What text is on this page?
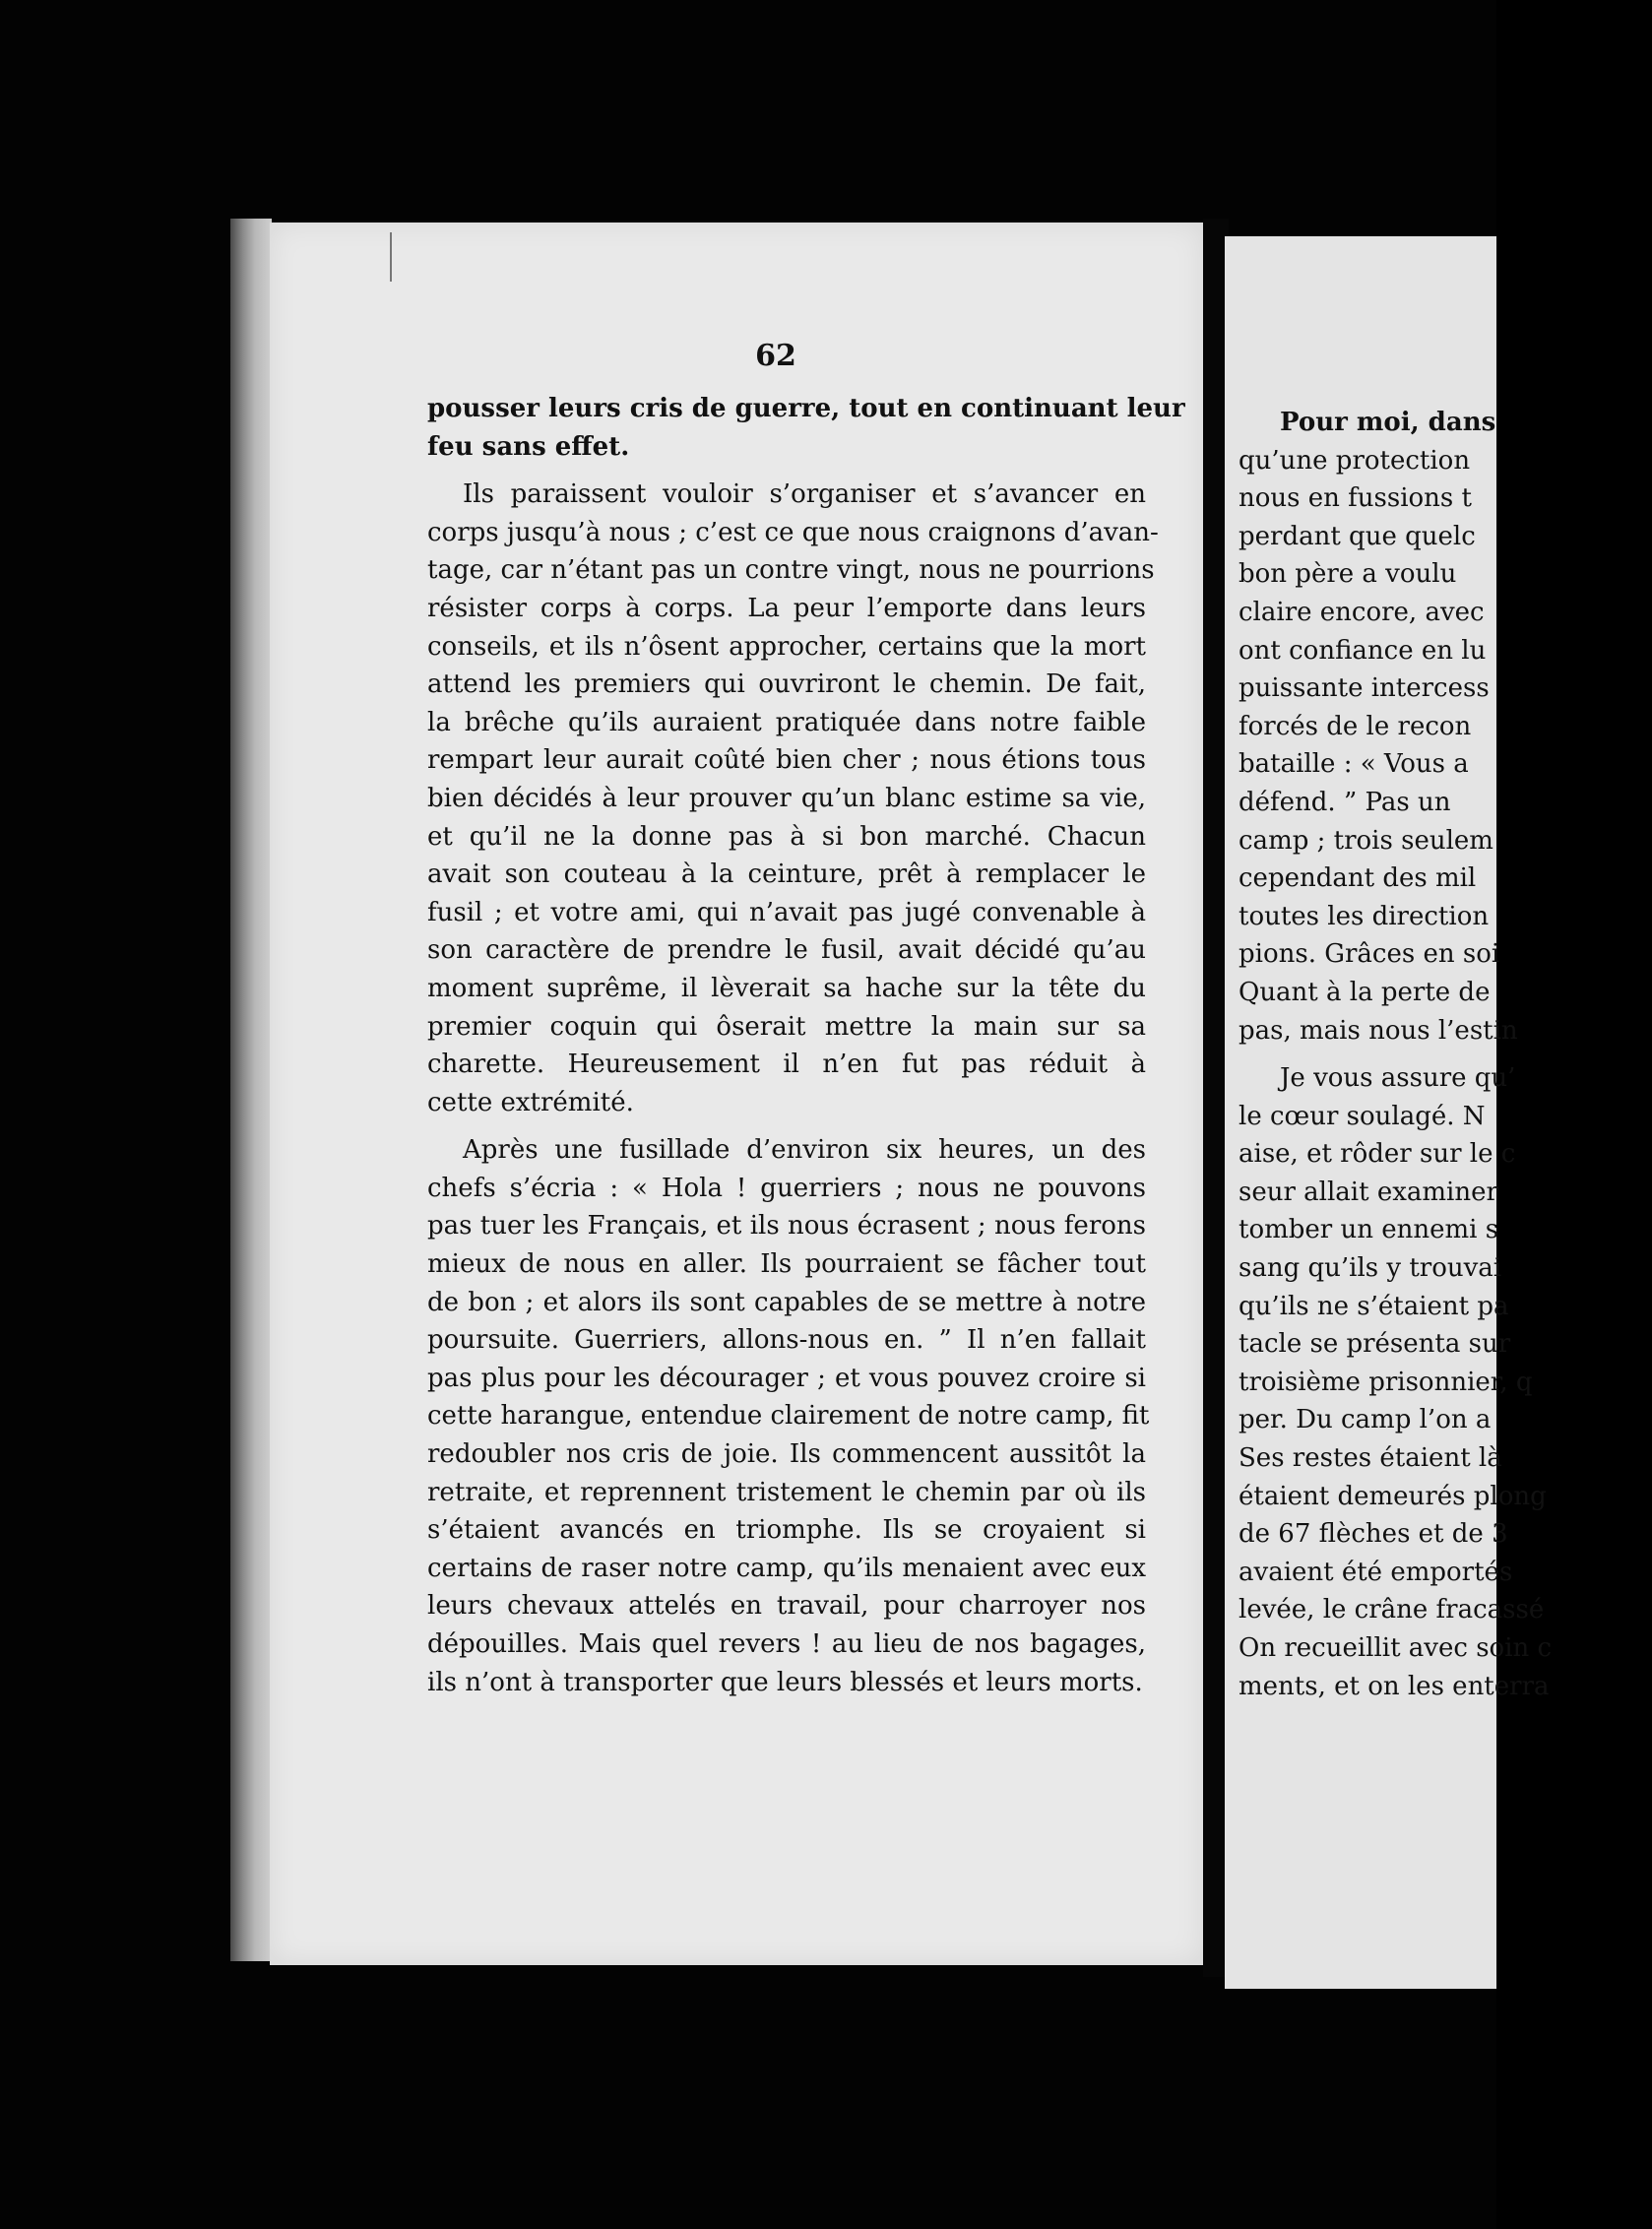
62
pousser leurs cris de guerre, tout en continuant leur
feu sans effet.
Ils paraissent vouloir s’organiser et s’avancer en
corps jusqu’à nous ; c’est ce que nous craignons d’avan-
tage, car n’étant pas un contre vingt, nous ne pourrions
résister corps à corps. La peur l’emporte dans leurs
conseils, et ils n’ôsent approcher, certains que la mort
attend les premiers qui ouvriront le chemin. De fait,
la brêche qu’ils auraient pratiquée dans notre faible
rempart leur aurait coûté bien cher ; nous étions tous
bien décidés à leur prouver qu’un blanc estime sa vie,
et qu’il ne la donne pas à si bon marché. Chacun
avait son couteau à la ceinture, prêt à remplacer le
fusil ; et votre ami, qui n’avait pas jugé convenable à
son caractère de prendre le fusil, avait décidé qu’au
moment suprême, il lèverait sa hache sur la tête du
premier coquin qui ôserait mettre la main sur sa
charette. Heureusement il n’en fut pas réduit à
cette extrémité.
Après une fusillade d’environ six heures, un des
chefs s’écria : « Hola ! guerriers ; nous ne pouvons
pas tuer les Français, et ils nous écrasent ; nous ferons
mieux de nous en aller. Ils pourraient se fâcher tout
de bon ; et alors ils sont capables de se mettre à notre
poursuite. Guerriers, allons-nous en. ” Il n’en fallait
pas plus pour les décourager ; et vous pouvez croire si
cette harangue, entendue clairement de notre camp, fit
redoubler nos cris de joie. Ils commencent aussitôt la
retraite, et reprennent tristement le chemin par où ils
s’étaient avancés en triomphe. Ils se croyaient si
certains de raser notre camp, qu’ils menaient avec eux
leurs chevaux attelés en travail, pour charroyer nos
dépouilles. Mais quel revers ! au lieu de nos bagages,
ils n’ont à transporter que leurs blessés et leurs morts.
Pour moi, dans
qu’une protection
nous en fussions t
perdant que quelc
bon père a voulu
claire encore, avec
ont confiance en lu
puissante intercess
forcés de le recon
bataille : « Vous a
défend. ” Pas un
camp ; trois seulem
cependant des mil
toutes les direction
pions. Grâces en soi
Quant à la perte de
pas, mais nous l’estin
Je vous assure qu’
le cœur soulagé. N
aise, et rôder sur le c
seur allait examiner
tomber un ennemi s
sang qu’ils y trouvai
qu’ils ne s’étaient pa
tacle se présenta sur
troisième prisonnier, q
per. Du camp l’on a
Ses restes étaient là
étaient demeurés plong
de 67 flèches et de 3
avaient été emportés
levée, le crâne fracassé
On recueillit avec soin c
ments, et on les enterra
